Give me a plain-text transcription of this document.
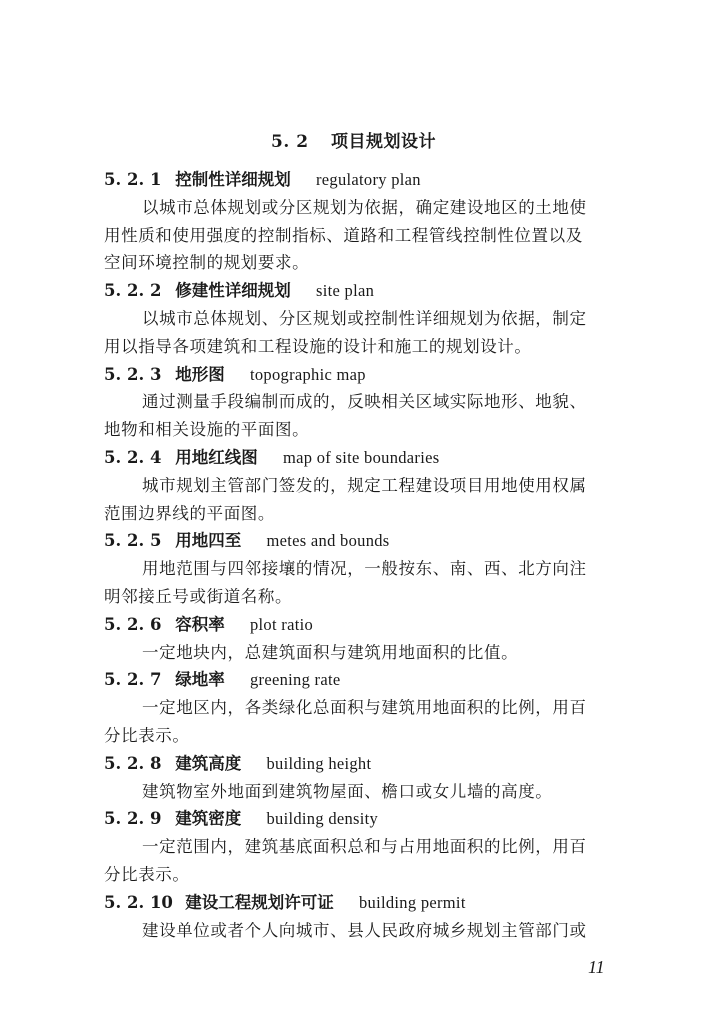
5. 2 项目规划设计
5. 2. 1 控制性详细规划 regulatory plan
以城市总体规划或分区规划为依据，确定建设地区的土地使
用性质和使用强度的控制指标、道路和工程管线控制性位置以及
空间环境控制的规划要求。
5. 2. 2 修建性详细规划 site plan
以城市总体规划、分区规划或控制性详细规划为依据，制定
用以指导各项建筑和工程设施的设计和施工的规划设计。
5. 2. 3 地形图 topographic map
通过测量手段编制而成的，反映相关区域实际地形、地貌、
地物和相关设施的平面图。
5. 2. 4 用地红线图 map of site boundaries
城市规划主管部门签发的，规定工程建设项目用地使用权属
范围边界线的平面图。
5. 2. 5 用地四至 metes and bounds
用地范围与四邻接壤的情况，一般按东、南、西、北方向注
明邻接丘号或街道名称。
5. 2. 6 容积率 plot ratio
一定地块内，总建筑面积与建筑用地面积的比值。
5. 2. 7 绿地率 greening rate
一定地区内，各类绿化总面积与建筑用地面积的比例，用百
分比表示。
5. 2. 8 建筑高度 building height
建筑物室外地面到建筑物屋面、檐口或女儿墙的高度。
5. 2. 9 建筑密度 building density
一定范围内，建筑基底面积总和与占用地面积的比例，用百
分比表示。
5. 2. 10 建设工程规划许可证 building permit
建设单位或者个人向城市、县人民政府城乡规划主管部门或
11
